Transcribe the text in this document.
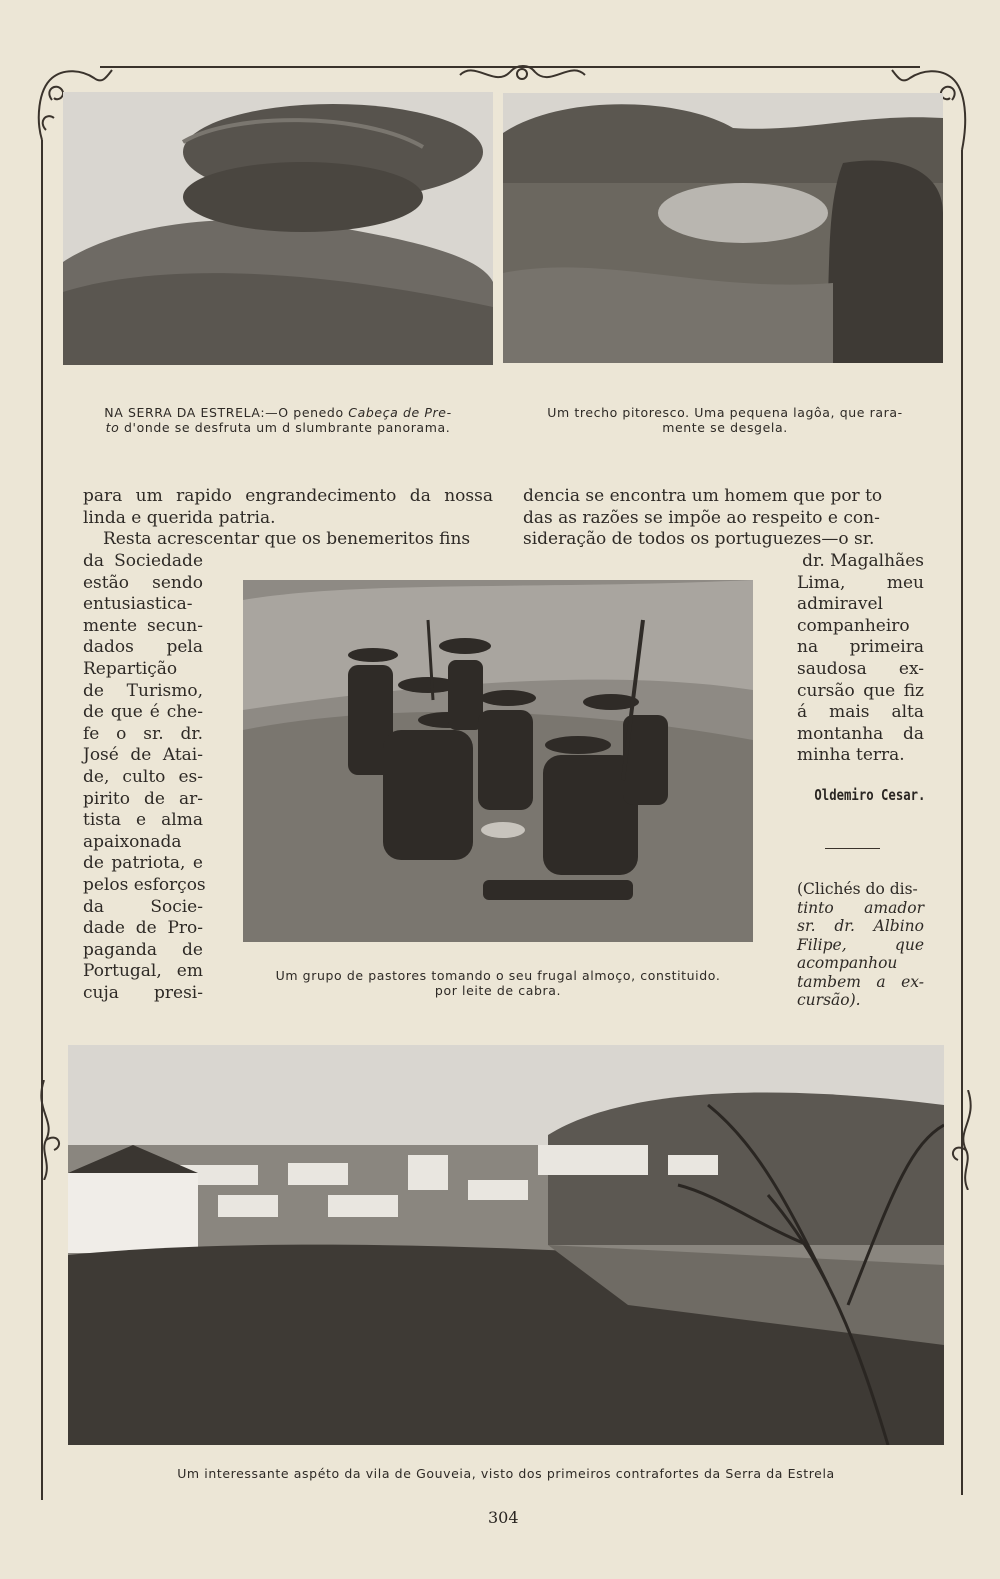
NA SERRA DA ESTRELA:—O penedo Cabeça de Pre-
to d'onde se desfruta um d slumbrante panorama.
Um trecho pitoresco. Uma pequena lagôa, que rara-
mente se desgela.
para um rapido engrandecimento da nossa
linda e querida patria.
Resta acrescentar que os benemeritos fins
dencia se encontra um homem que por to
das as razões se impõe ao respeito e con-
sideração de todos os portuguezes—o sr.
da Sociedade
estão sendo
entusiastica-
mente secun-
dados pela
Repartição
de Turismo,
de que é che-
fe o sr. dr.
José de Atai-
de, culto es-
pirito de ar-
tista e alma
apaixonada
de patriota, e
pelos esforços
da Socie-
dade de Pro-
paganda de
Portugal, em
cuja presi-
dr. Magalhães
Lima, meu
admiravel
companheiro
na primeira
saudosa ex-
cursão que fiz
á mais alta
montanha da
minha terra.
Oldemiro Cesar.
(Clichés do dis-
tinto amador
sr. dr. Albino
Filipe, que
acompanhou
tambem a ex-
cursão).
Um grupo de pastores tomando o seu frugal almoço, constituido.
por leite de cabra.
Um interessante aspéto da vila de Gouveia, visto dos primeiros contrafortes da Serra da Estrela
304
